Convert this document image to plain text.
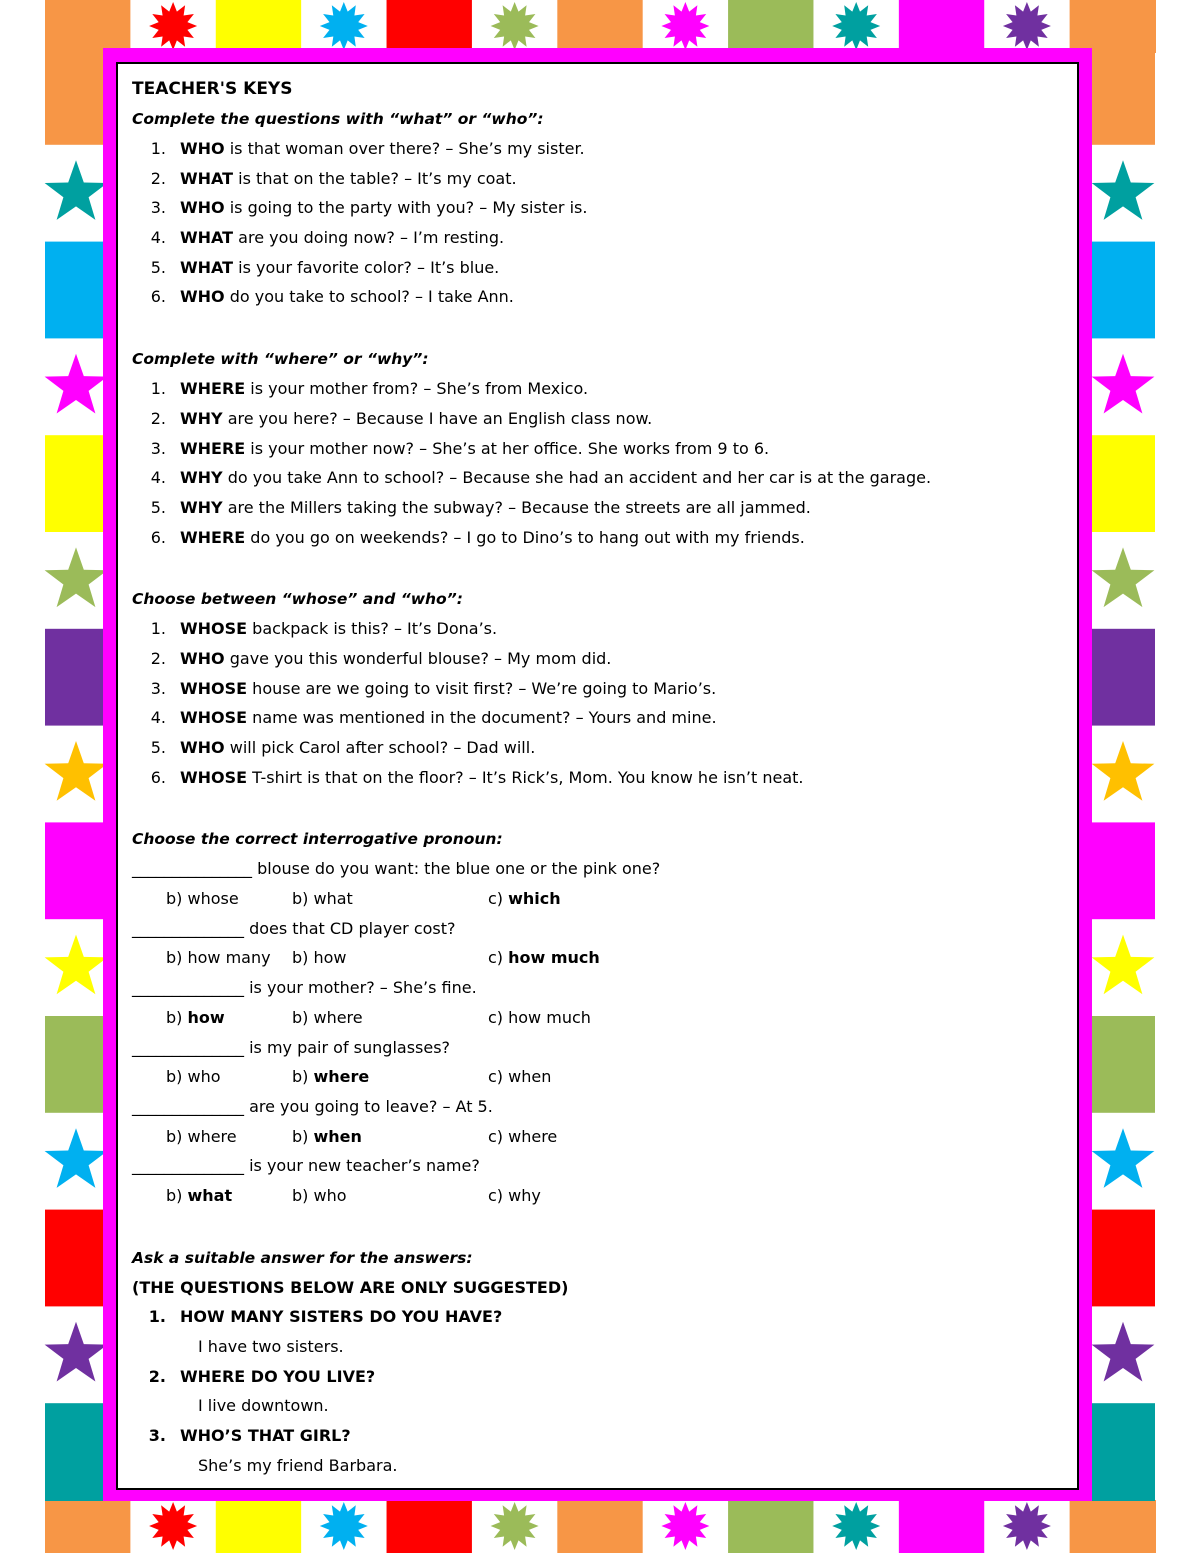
TEACHER'S KEYS
Complete the questions with “what” or “who”:
1. WHO is that woman over there? – She’s my sister.
2. WHAT is that on the table? – It’s my coat.
3. WHO is going to the party with you? – My sister is.
4. WHAT are you doing now? – I’m resting.
5. WHAT is your favorite color? – It’s blue.
6. WHO do you take to school? – I take Ann.
Complete with “where” or “why”:
1. WHERE is your mother from? – She’s from Mexico.
2. WHY are you here? – Because I have an English class now.
3. WHERE is your mother now? – She’s at her office. She works from 9 to 6.
4. WHY do you take Ann to school? – Because she had an accident and her car is at the garage.
5. WHY are the Millers taking the subway? – Because the streets are all jammed.
6. WHERE do you go on weekends? – I go to Dino’s to hang out with my friends.
Choose between “whose” and “who”:
1. WHOSE backpack is this? – It’s Dona’s.
2. WHO gave you this wonderful blouse? – My mom did.
3. WHOSE house are we going to visit first? – We’re going to Mario’s.
4. WHOSE name was mentioned in the document? – Yours and mine.
5. WHO will pick Carol after school? – Dad will.
6. WHOSE T-shirt is that on the floor? – It’s Rick’s, Mom. You know he isn’t neat.
Choose the correct interrogative pronoun:
_______________ blouse do you want: the blue one or the pink one?
b) whose	b) what	c) which
______________ does that CD player cost?
b) how many b) how	c) how much
______________ is your mother? – She’s fine.
b) how	b) where	c) how much
______________ is my pair of sunglasses?
b) who	b) where	c) when
______________ are you going to leave? – At 5.
b) where	b) when	c) where
______________ is your new teacher’s name?
b) what	b) who	c) why
Ask a suitable answer for the answers:
(THE QUESTIONS BELOW ARE ONLY SUGGESTED)
1. HOW MANY SISTERS DO YOU HAVE?
I have two sisters.
2. WHERE DO YOU LIVE?
I live downtown.
3. WHO’S THAT GIRL?
She’s my friend Barbara.
